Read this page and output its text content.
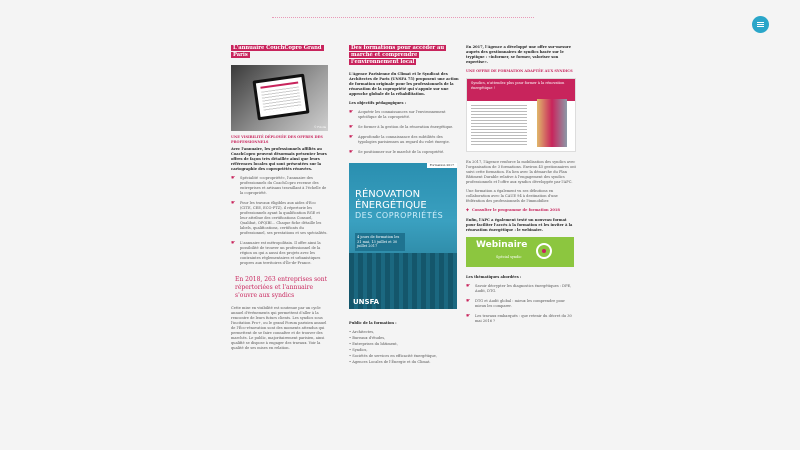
L'annuaire CouchCopro Grand Paris
© Fotolia
UNE VISIBILITÉ DÉPLOYÉE DES OFFRES DES PROFESSIONNELS

Avec l'annuaire, les professionnels affiliés au CoachCopro peuvent désormais présenter leurs offres de façon très détaillée ainsi que leurs références locales qui sont présentées sur la cartographie des copropriétés rénovées.

☛	Spécialité «copropriété», l'annuaire des professionnels du CoachCopro recense des entreprises et artisans travaillant à l'échelle de la copropriété.
☛	Pour les travaux éligibles aux aides d'Eco (CITE, CEE, ECO-PTZ), il répertorie les professionnels ayant la qualification RGE et leur attribue des certifications Consuel, Qualibat, OPQIBI… Chaque fiche détaille les labels, qualifications, certificats du professionnel, ses prestations et ses spécialités.
☛	L'annuaire est métropolitain. Il offre ainsi la possibilité de trouver un professionnel de la région ou qui a aussi des projets avec les contraintes réglementaires et urbanistiques propres aux territoires d'Île-de-France.
En 2018, 263 entreprises sont répertoriées et l'annuaire s'ouvre aux syndics

Cette mise en visibilité est soutenue par un cycle annuel d'événements qui permettent d'aller à la rencontre de leurs futurs clients. Les syndics sous l'incitation Pro+, ou le grand Forum parisien annuel de l'Éco-rénovation sont des moments attendus qui permettent de se faire connaître et de trouver des marchés. Le public, majoritairement parisien, ainsi qualifié se dispose à engager des travaux. Voir la qualité de ses mises en relation.

Des formations pour accéder au marché et comprendre l'environnement local

L'Agence Parisienne du Climat et le Syndicat des Architectes de Paris (UNSFA 75) proposent une action de formation originale pour les professionnels de la rénovation de la copropriété qui s'appuie sur une approche globale de la réhabilitation.

Les objectifs pédagogiques :

☛	Acquérir les connaissances sur l'environnement spécifique de la copropriété.
☛	Se former à la gestion de la rénovation énergétique.
☛	Approfondir la connaissance des subtilités des typologies parisiennes au regard du volet énergie.
☛	Se positionner sur le marché de la copropriété.
Formation 2017
RÉNOVATION ÉNERGÉTIQUE
DES COPROPRIÉTÉS
4 jours de formation les 31 mai, 13 juillet et 30 juillet 2017
UNSFA

Public de la formation :

• Architectes,
• Bureaux d'études,
• Entreprises du bâtiment,
• Syndics,
• Sociétés de services en efficacité énergétique,
• Agences Locales de l'Énergie et du Climat.

En 2017, l'Agence a développé une offre sur-mesure auprès des gestionnaires de syndics basée sur le tryptique : «informer, se former, valoriser son expertise».

UNE OFFRE DE FORMATION ADAPTÉE AUX SYNDICS
Syndics, n'attendez plus pour former à la rénovation énergétique !

En 2017, l'Agence renforce la mobilisation des syndics avec l'organisation de 3 formations. Environ 45 gestionnaires ont suivi cette formation. En lien avec la démarche du Plan Bâtiment Durable relative à l'engagement des syndics professionnels et l'offre aux syndics développée par l'APC.

Une formation a également vu ses débutions en collaboration avec la CAUE 94 à destination d'une fédération des professionnels de l'immobilier.

✚ Consulter le programme de formation 2018

Enfin, l'APC a également testé un nouveau format pour faciliter l'accès à la formation et les inviter à la rénovation énergétique : le webinaire.

Webinaire
Spécial syndic

Les thématiques abordées :

☛	Savoir décrypter les diagnostics énergétiques : DPE, Audit, DTG.
☛	DTG et Audit global : mieux les comprendre pour mieux les comparer.
☛	Les travaux embarqués : que retenir du décret du 30 mai 2016 ?
